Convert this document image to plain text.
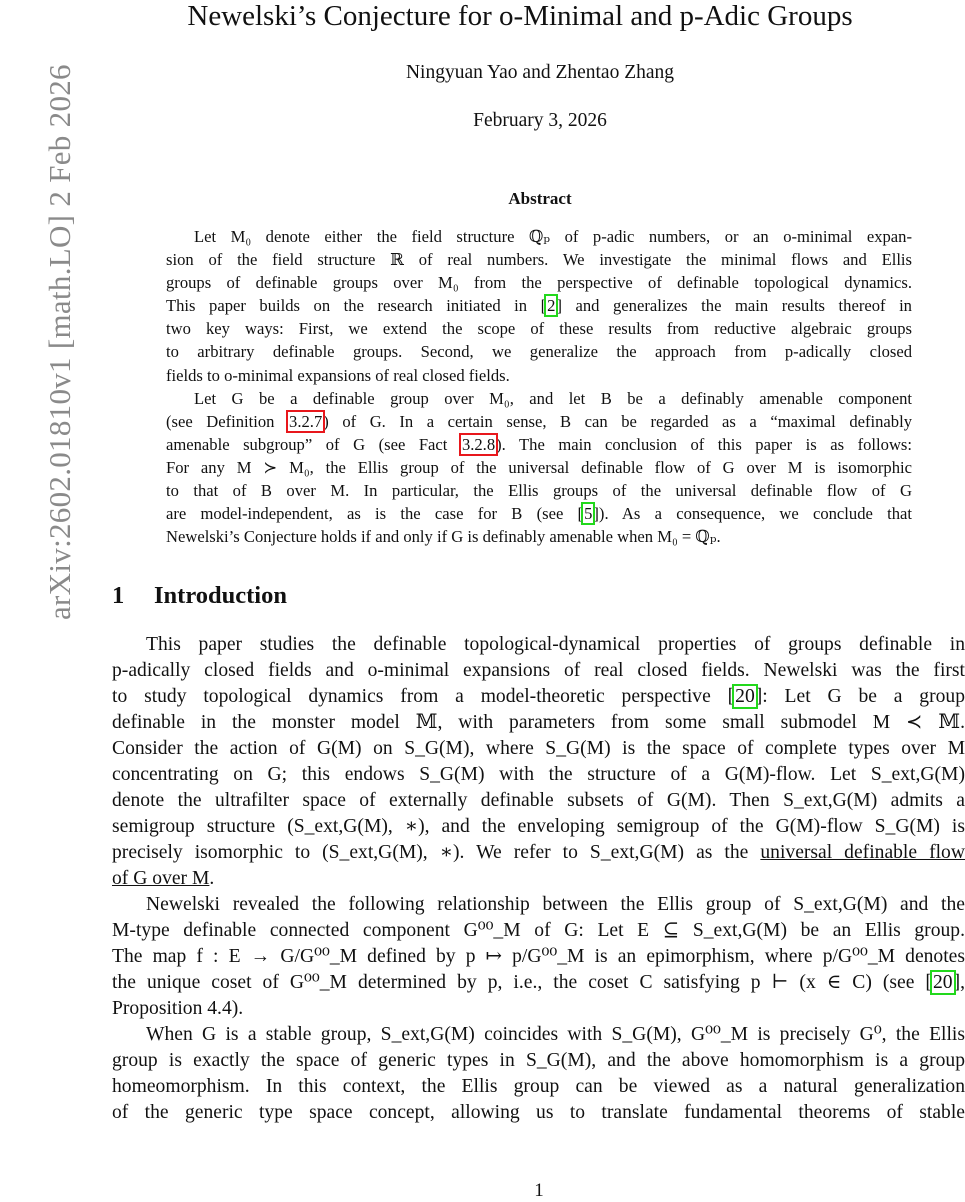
arXiv:2602.01810v1 [math.LO] 2 Feb 2026
Newelski’s Conjecture for o-Minimal and p-Adic Groups
Ningyuan Yao and Zhentao Zhang
February 3, 2026
Abstract
Let M₀ denote either the field structure ℚₚ of p-adic numbers, or an o-minimal expan-
sion of the field structure ℝ of real numbers. We investigate the minimal flows and Ellis
groups of definable groups over M₀ from the perspective of definable topological dynamics.
This paper builds on the research initiated in [2] and generalizes the main results thereof in
two key ways: First, we extend the scope of these results from reductive algebraic groups
to arbitrary definable groups. Second, we generalize the approach from p-adically closed
fields to o-minimal expansions of real closed fields.
Let G be a definable group over M₀, and let B be a definably amenable component
(see Definition 3.2.7) of G. In a certain sense, B can be regarded as a “maximal definably
amenable subgroup” of G (see Fact 3.2.8). The main conclusion of this paper is as follows:
For any M ≻ M₀, the Ellis group of the universal definable flow of G over M is isomorphic
to that of B over M. In particular, the Ellis groups of the universal definable flow of G
are model-independent, as is the case for B (see [5]). As a consequence, we conclude that
Newelski’s Conjecture holds if and only if G is definably amenable when M₀ = ℚₚ.
1 Introduction
This paper studies the definable topological-dynamical properties of groups definable in
p-adically closed fields and o-minimal expansions of real closed fields. Newelski was the first
to study topological dynamics from a model-theoretic perspective [20]: Let G be a group
definable in the monster model 𝕄, with parameters from some small submodel M ≺ 𝕄.
Consider the action of G(M) on S_G(M), where S_G(M) is the space of complete types over M
concentrating on G; this endows S_G(M) with the structure of a G(M)-flow. Let S_ext,G(M)
denote the ultrafilter space of externally definable subsets of G(M). Then S_ext,G(M) admits a
semigroup structure (S_ext,G(M), ∗), and the enveloping semigroup of the G(M)-flow S_G(M) is
precisely isomorphic to (S_ext,G(M), ∗). We refer to S_ext,G(M) as the universal definable flow
of G over M.
Newelski revealed the following relationship between the Ellis group of S_ext,G(M) and the
M-type definable connected component G⁰⁰_M of G: Let E ⊆ S_ext,G(M) be an Ellis group.
The map f : E → G/G⁰⁰_M defined by p ↦ p/G⁰⁰_M is an epimorphism, where p/G⁰⁰_M denotes
the unique coset of G⁰⁰_M determined by p, i.e., the coset C satisfying p ⊢ (x ∈ C) (see [20],
Proposition 4.4).
When G is a stable group, S_ext,G(M) coincides with S_G(M), G⁰⁰_M is precisely G⁰, the Ellis
group is exactly the space of generic types in S_G(M), and the above homomorphism is a group
homeomorphism. In this context, the Ellis group can be viewed as a natural generalization
of the generic type space concept, allowing us to translate fundamental theorems of stable
1
